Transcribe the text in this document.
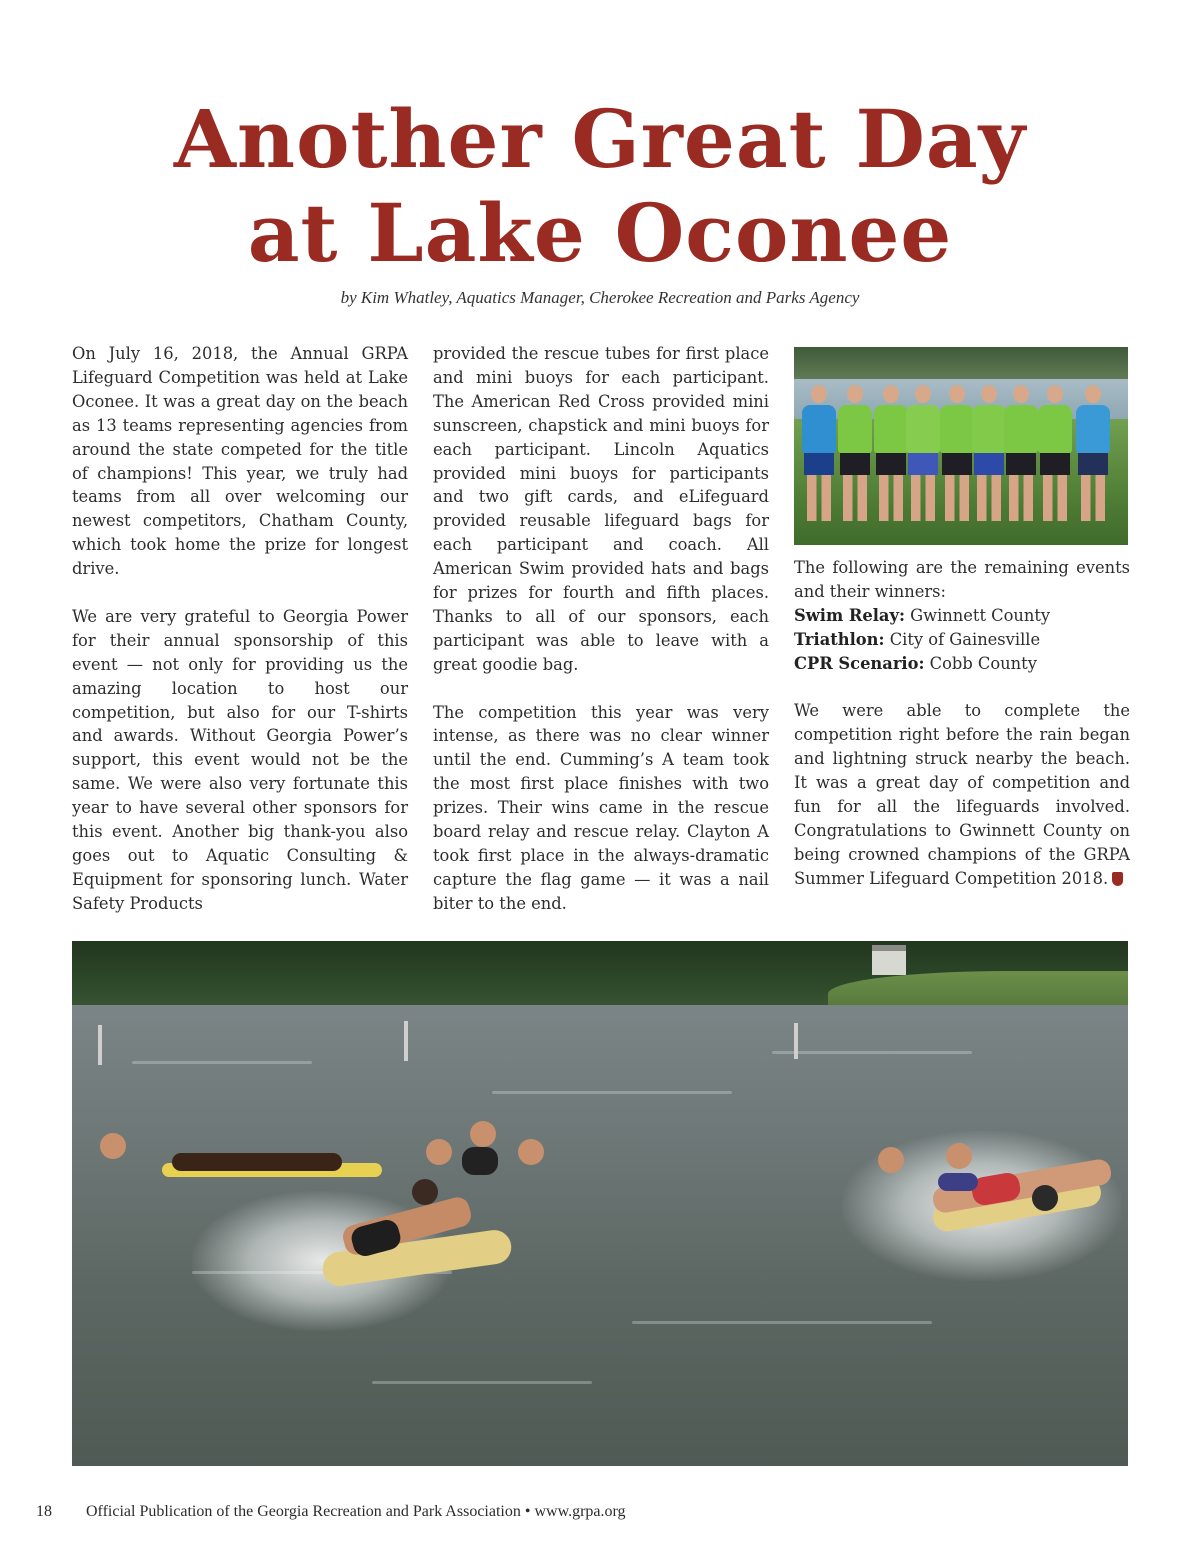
Another Great Day
at Lake Oconee
by Kim Whatley, Aquatics Manager, Cherokee Recreation and Parks Agency

On July 16, 2018, the Annual GRPA Lifeguard Competition was held at Lake Oconee. It was a great day on the beach as 13 teams representing agencies from around the state competed for the title of champions! This year, we truly had teams from all over welcoming our newest competitors, Chatham County, which took home the prize for longest drive.

We are very grateful to Georgia Power for their annual sponsorship of this event — not only for providing us the amazing location to host our competition, but also for our T-shirts and awards. Without Georgia Power’s support, this event would not be the same. We were also very fortunate this year to have several other sponsors for this event. Another big thank-you also goes out to Aquatic Consulting & Equipment for sponsoring lunch. Water Safety Products

provided the rescue tubes for first place and mini buoys for each participant. The American Red Cross provided mini sunscreen, chapstick and mini buoys for each participant. Lincoln Aquatics provided mini buoys for participants and two gift cards, and eLifeguard provided reusable lifeguard bags for each participant and coach. All American Swim provided hats and bags for prizes for fourth and fifth places. Thanks to all of our sponsors, each participant was able to leave with a great goodie bag.

The competition this year was very intense, as there was no clear winner until the end. Cumming’s A team took the most first place finishes with two prizes. Their wins came in the rescue board relay and rescue relay. Clayton A took first place in the always-dramatic capture the flag game — it was a nail biter to the end.

The following are the remaining events and their winners:
Swim Relay: Gwinnett County
Triathlon: City of Gainesville
CPR Scenario: Cobb County

We were able to complete the competition right before the rain began and lightning struck nearby the beach. It was a great day of competition and fun for all the lifeguards involved. Congratulations to Gwinnett County on being crowned champions of the GRPA Summer Lifeguard Competition 2018.

18 Official Publication of the Georgia Recreation and Park Association • www.grpa.org
